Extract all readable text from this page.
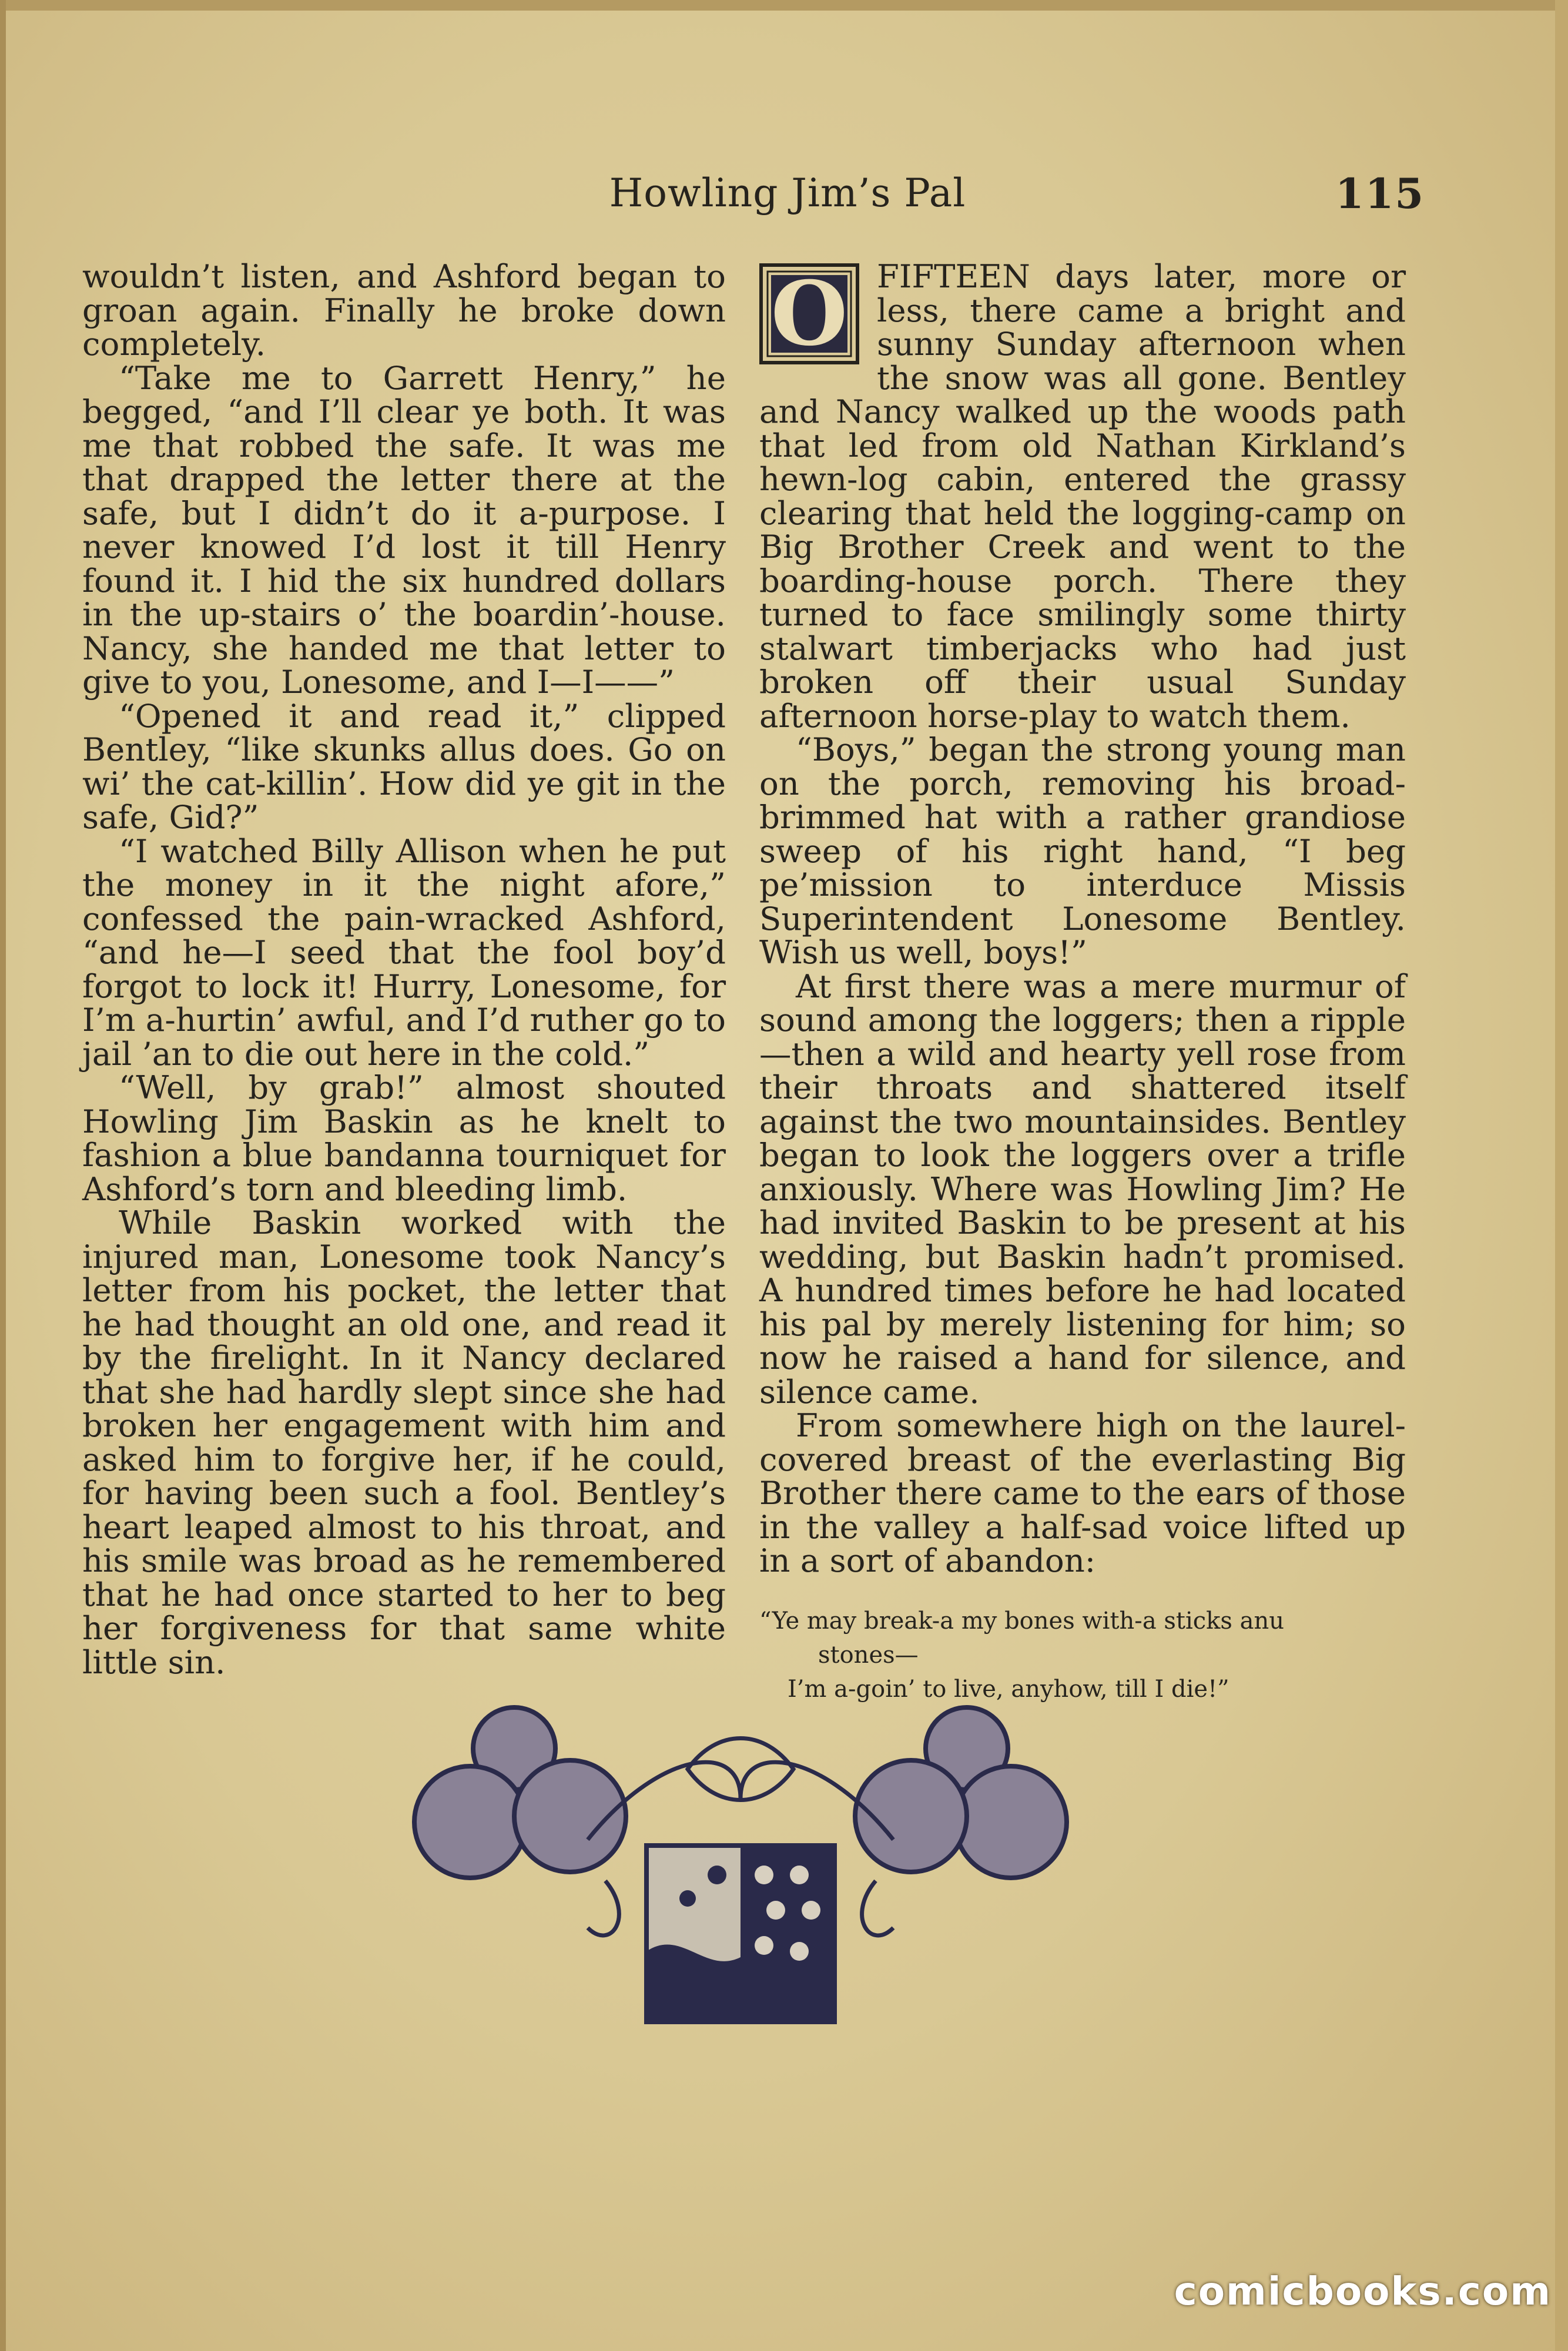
Howling Jim’s Pal	115

wouldn’t listen, and Ashford began to groan again. Finally he broke down completely.

“Take me to Garrett Henry,” he begged, “and I’ll clear ye both. It was me that robbed the safe. It was me that drapped the letter there at the safe, but I didn’t do it a-purpose. I never knowed I’d lost it till Henry found it. I hid the six hundred dollars in the up-stairs o’ the boardin’-house. Nancy, she handed me that letter to give to you, Lonesome, and I—I——”

“Opened it and read it,” clipped Bentley, “like skunks allus does. Go on wi’ the cat-killin’. How did ye git in the safe, Gid?”

“I watched Billy Allison when he put the money in it the night afore,” confessed the pain-wracked Ashford, “and he—I seed that the fool boy’d forgot to lock it! Hurry, Lonesome, for I’m a-hurtin’ awful, and I’d ruther go to jail ’an to die out here in the cold.”

“Well, by grab!” almost shouted Howling Jim Baskin as he knelt to fashion a blue bandanna tourniquet for Ashford’s torn and bleeding limb.

While Baskin worked with the injured man, Lonesome took Nancy’s letter from his pocket, the letter that he had thought an old one, and read it by the firelight. In it Nancy declared that she had hardly slept since she had broken her engagement with him and asked him to forgive her, if he could, for having been such a fool. Bentley’s heart leaped almost to his throat, and his smile was broad as he remembered that he had once started to her to beg her forgiveness for that same white little sin.

O FIFTEEN days later, more or less, there came a bright and sunny Sunday afternoon when the snow was all gone. Bentley and Nancy walked up the woods path that led from old Nathan Kirkland’s hewn-log cabin, entered the grassy clearing that held the logging-camp on Big Brother Creek and went to the boarding-house porch. There they turned to face smilingly some thirty stalwart timberjacks who had just broken off their usual Sunday afternoon horse-play to watch them.

“Boys,” began the strong young man on the porch, removing his broad-brimmed hat with a rather grandiose sweep of his right hand, “I beg pe’mission to interduce Missis Superintendent Lonesome Bentley. Wish us well, boys!”

At first there was a mere murmur of sound among the loggers; then a ripple—then a wild and hearty yell rose from their throats and shattered itself against the two mountainsides. Bentley began to look the loggers over a trifle anxiously. Where was Howling Jim? He had invited Baskin to be present at his wedding, but Baskin hadn’t promised. A hundred times before he had located his pal by merely listening for him; so now he raised a hand for silence, and silence came.

From somewhere high on the laurel-covered breast of the everlasting Big Brother there came to the ears of those in the valley a half-sad voice lifted up in a sort of abandon:

“Ye may break-a my bones with-a sticks anu
stones—
I’m a-goin’ to live, anyhow, till I die!”
comicbooks.com
